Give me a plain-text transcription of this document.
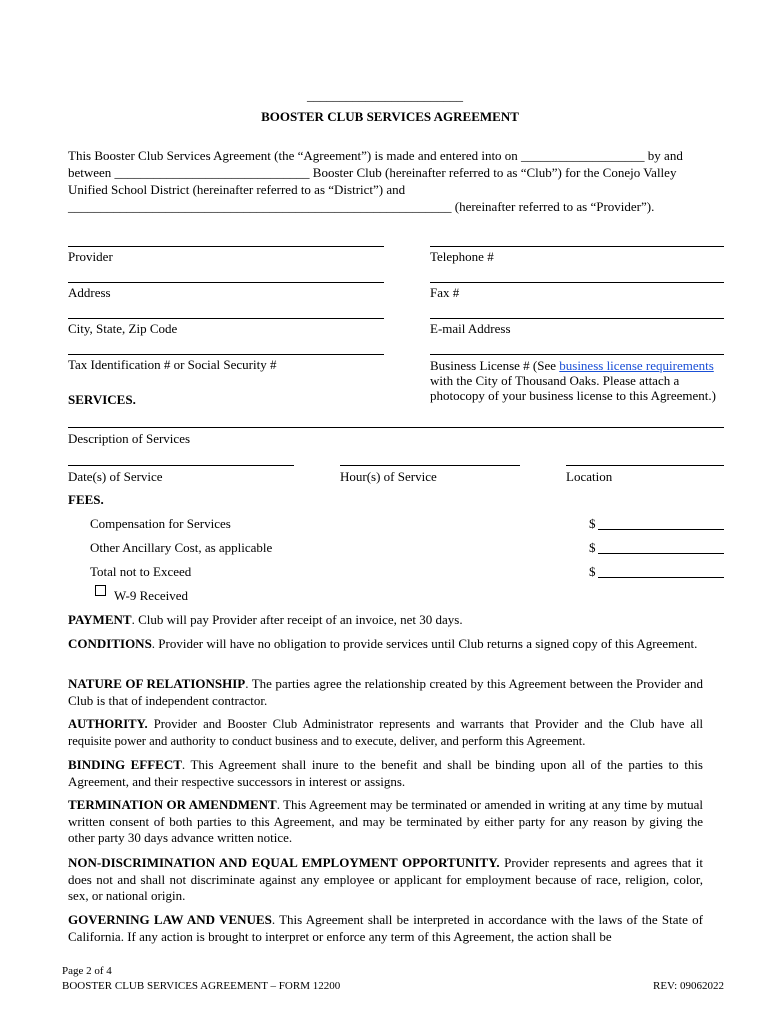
________________________
BOOSTER CLUB SERVICES AGREEMENT
This Booster Club Services Agreement (the “Agreement”) is made and entered into on ___________________ by and
between ______________________________ Booster Club (hereinafter referred to as “Club”) for the Conejo Valley
Unified School District (hereinafter referred to as “District”) and
___________________________________________________________ (hereinafter referred to as “Provider”).
Provider	Telephone #
Address	Fax #
City, State, Zip Code	E-mail Address
Tax Identification # or Social Security #	Business License # (See business license requirements
with the City of Thousand Oaks. Please attach a
photocopy of your business license to this Agreement.)
SERVICES.
Description of Services
Date(s) of Service	Hour(s) of Service	Location
FEES.
Compensation for Services	$
Other Ancillary Cost, as applicable	$
Total not to Exceed	$
W-9 Received
PAYMENT. Club will pay Provider after receipt of an invoice, net 30 days.
CONDITIONS. Provider will have no obligation to provide services until Club returns a signed copy of this Agreement.
NATURE OF RELATIONSHIP. The parties agree the relationship created by this Agreement between the Provider and Club is that of independent contractor.
AUTHORITY. Provider and Booster Club Administrator represents and warrants that Provider and the Club have all requisite power and authority to conduct business and to execute, deliver, and perform this Agreement.
BINDING EFFECT. This Agreement shall inure to the benefit and shall be binding upon all of the parties to this Agreement, and their respective successors in interest or assigns.
TERMINATION OR AMENDMENT. This Agreement may be terminated or amended in writing at any time by mutual written consent of both parties to this Agreement, and may be terminated by either party for any reason by giving the other party 30 days advance written notice.
NON-DISCRIMINATION AND EQUAL EMPLOYMENT OPPORTUNITY. Provider represents and agrees that it does not and shall not discriminate against any employee or applicant for employment because of race, religion, color, sex, or national origin.
GOVERNING LAW AND VENUES. This Agreement shall be interpreted in accordance with the laws of the State of California. If any action is brought to interpret or enforce any term of this Agreement, the action shall be
Page 2 of 4
BOOSTER CLUB SERVICES AGREEMENT – FORM 12200	REV: 09062022
